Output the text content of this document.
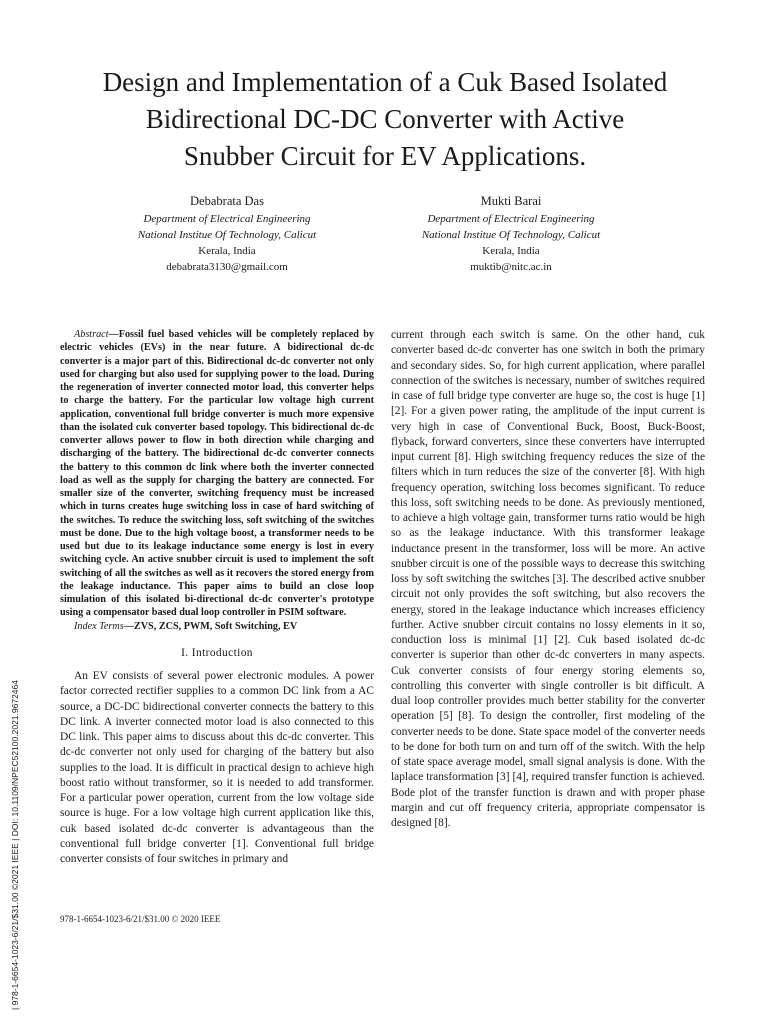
Design and Implementation of a Cuk Based Isolated
Bidirectional DC-DC Converter with Active
Snubber Circuit for EV Applications.
Debabrata Das
Department of Electrical Engineering
National Institue Of Technology, Calicut
Kerala, India
debabrata3130@gmail.com
Mukti Barai
Department of Electrical Engineering
National Institue Of Technology, Calicut
Kerala, India
muktib@nitc.ac.in

Abstract—Fossil fuel based vehicles will be completely replaced by electric vehicles (EVs) in the near future. A bidirectional dc-dc converter is a major part of this. Bidirectional dc-dc converter not only used for charging but also used for supplying power to the load. During the regeneration of inverter connected motor load, this converter helps to charge the battery. For the particular low voltage high current application, conventional full bridge converter is much more expensive than the isolated cuk converter based topology. This bidirectional dc-dc converter allows power to flow in both direction while charging and discharging of the battery. The bidirectional dc-dc converter connects the battery to this common dc link where both the inverter connected load as well as the supply for charging the battery are connected. For smaller size of the converter, switching frequency must be increased which in turns creates huge switching loss in case of hard switching of the switches. To reduce the switching loss, soft switching of the switches must be done. Due to the high voltage boost, a transformer needs to be used but due to its leakage inductance some energy is lost in every switching cycle. An active snubber circuit is used to implement the soft switching of all the switches as well as it recovers the stored energy from the leakage inductance. This paper aims to build an close loop simulation of this isolated bi-directional dc-dc converter's prototype using a compensator based dual loop controller in PSIM software.

Index Terms—ZVS, ZCS, PWM, Soft Switching, EV

I. Introduction

An EV consists of several power electronic modules. A power factor corrected rectifier supplies to a common DC link from a AC source, a DC-DC bidirectional converter connects the battery to this DC link. A inverter connected motor load is also connected to this DC link. This paper aims to discuss about this dc-dc converter. This dc-dc converter not only used for charging of the battery but also supplies to the load. It is difficult in practical design to achieve high boost ratio without transformer, so it is needed to add transformer. For a particular power operation, current from the low voltage side source is huge. For a low voltage high current application like this, cuk based isolated dc-dc converter is advantageous than the conventional full bridge converter [1]. Conventional full bridge converter consists of four switches in primary and

current through each switch is same. On the other hand, cuk converter based dc-dc converter has one switch in both the primary and secondary sides. So, for high current application, where parallel connection of the switches is necessary, number of switches required in case of full bridge type converter are huge so, the cost is huge [1] [2]. For a given power rating, the amplitude of the input current is very high in case of Conventional Buck, Boost, Buck-Boost, flyback, forward converters, since these converters have interrupted input current [8]. High switching frequency reduces the size of the filters which in turn reduces the size of the converter [8]. With high frequency operation, switching loss becomes significant. To reduce this loss, soft switching needs to be done. As previously mentioned, to achieve a high voltage gain, transformer turns ratio would be high so as the leakage inductance. With this transformer leakage inductance present in the transformer, loss will be more. An active snubber circuit is one of the possible ways to decrease this switching loss by soft switching the switches [3]. The described active snubber circuit not only provides the soft switching, but also recovers the energy, stored in the leakage inductance which increases efficiency further. Active snubber circuit contains no lossy elements in it so, conduction loss is minimal [1] [2]. Cuk based isolated dc-dc converter is superior than other dc-dc converters in many aspects. Cuk converter consists of four energy storing elements so, controlling this converter with single controller is bit difficult. A dual loop controller provides much better stability for the converter operation [5] [8]. To design the controller, first modeling of the converter needs to be done. State space model of the converter needs to be done for both turn on and turn off of the switch. With the help of state space average model, small signal analysis is done. With the laplace transformation [3] [4], required transfer function is achieved. Bode plot of the transfer function is drawn and with proper phase margin and cut off frequency criteria, appropriate compensator is designed [8].

978-1-6654-1023-6/21/$31.00 © 2020 IEEE
| 978-1-6654-1023-6/21/$31.00 ©2021 IEEE | DOI: 10.1109/NPEC52100.2021.9672464
